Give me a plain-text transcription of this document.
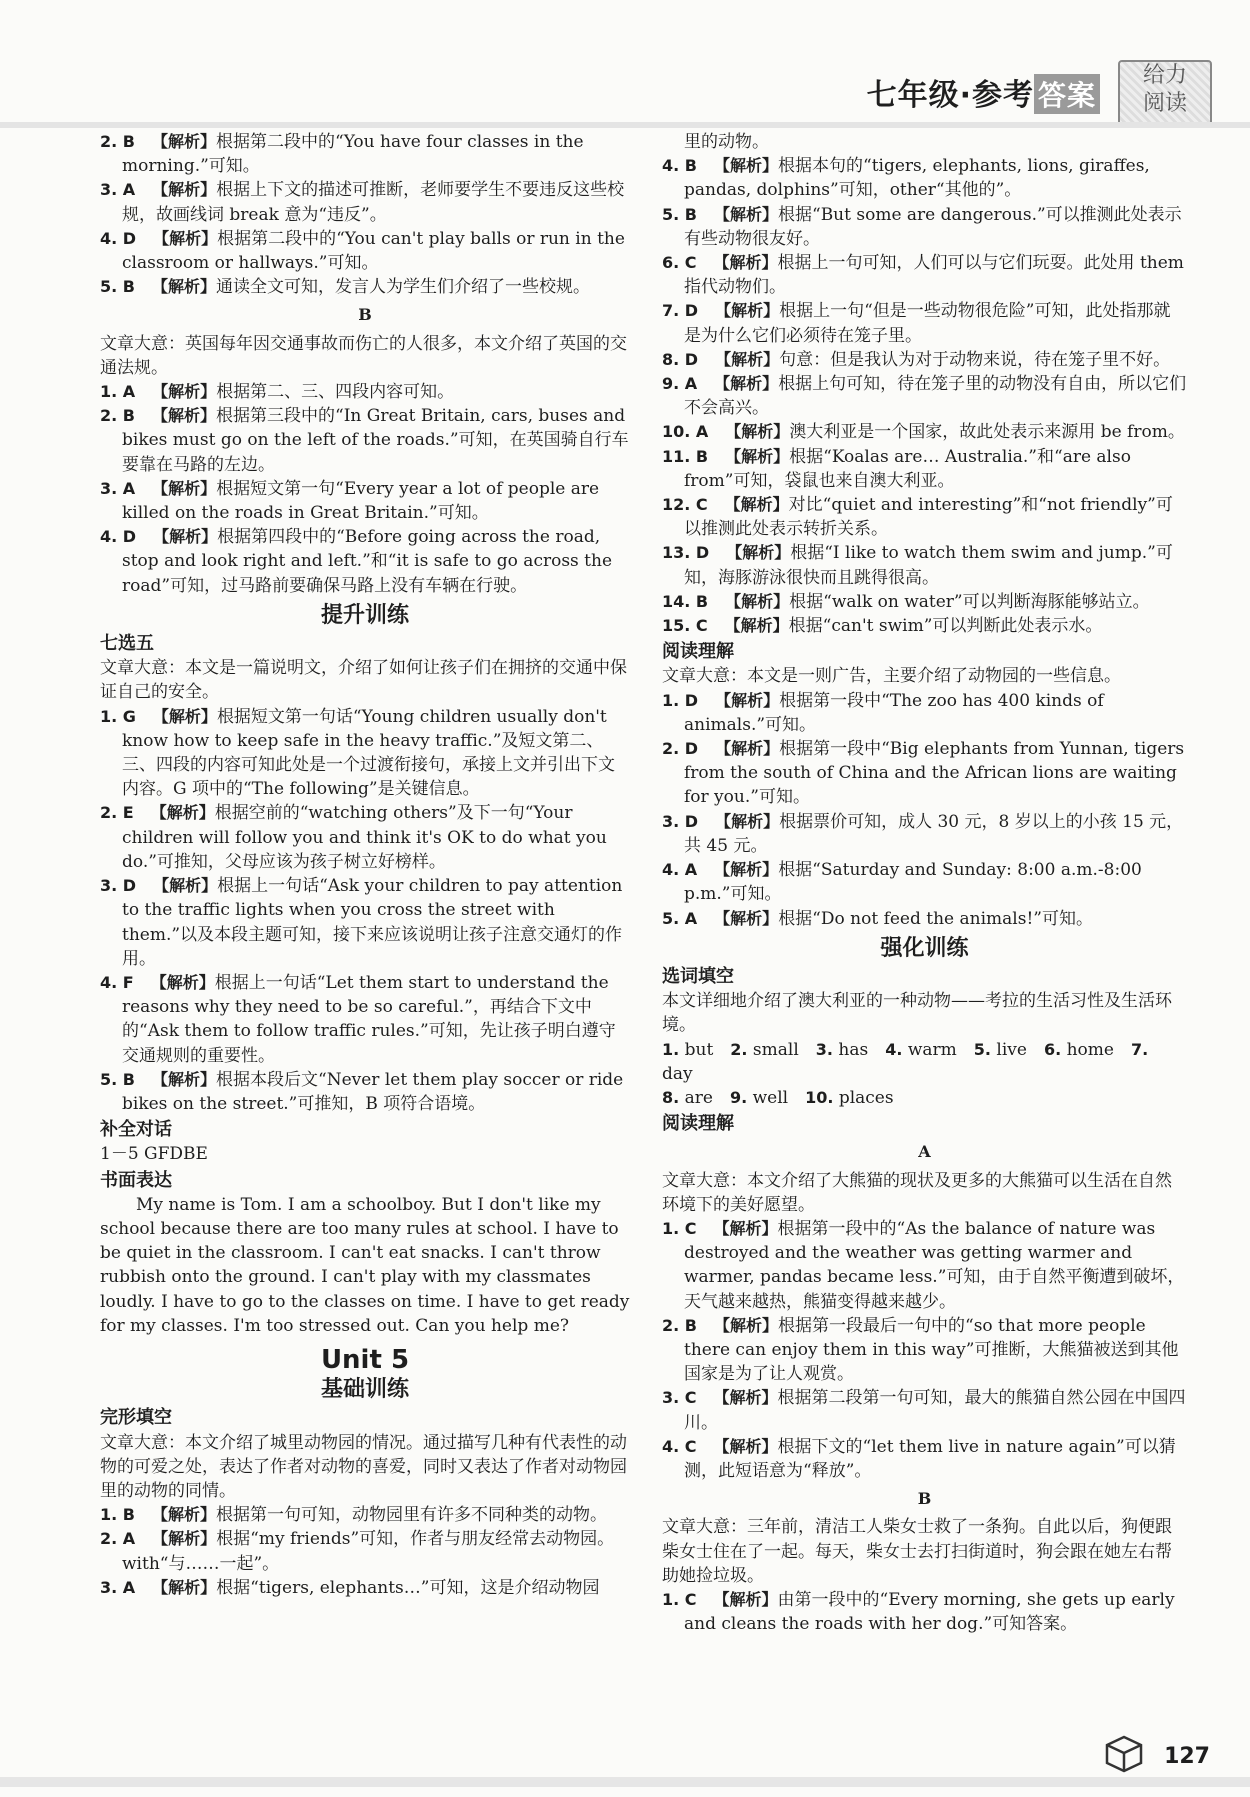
七年级·参考 答案
给力
阅读

2. B  【解析】根据第二段中的“You have four classes in the morning.”可知。

3. A  【解析】根据上下文的描述可推断，老师要学生不要违反这些校规，故画线词 break 意为“违反”。

4. D  【解析】根据第二段中的“You can't play balls or run in the classroom or hallways.”可知。

5. B  【解析】通读全文可知，发言人为学生们介绍了一些校规。

B

文章大意：英国每年因交通事故而伤亡的人很多，本文介绍了英国的交通法规。

1. A  【解析】根据第二、三、四段内容可知。

2. B  【解析】根据第三段中的“In Great Britain, cars, buses and bikes must go on the left of the roads.”可知，在英国骑自行车要靠在马路的左边。

3. A  【解析】根据短文第一句“Every year a lot of people are killed on the roads in Great Britain.”可知。

4. D  【解析】根据第四段中的“Before going across the road, stop and look right and left.”和“it is safe to go across the road”可知，过马路前要确保马路上没有车辆在行驶。

提升训练
七选五

文章大意：本文是一篇说明文，介绍了如何让孩子们在拥挤的交通中保证自己的安全。

1. G  【解析】根据短文第一句话“Young children usually don't know how to keep safe in the heavy traffic.”及短文第二、三、四段的内容可知此处是一个过渡衔接句，承接上文并引出下文内容。G 项中的“The following”是关键信息。

2. E  【解析】根据空前的“watching others”及下一句“Your children will follow you and think it's OK to do what you do.”可推知，父母应该为孩子树立好榜样。

3. D  【解析】根据上一句话“Ask your children to pay attention to the traffic lights when you cross the street with them.”以及本段主题可知，接下来应该说明让孩子注意交通灯的作用。

4. F  【解析】根据上一句话“Let them start to understand the reasons why they need to be so careful.”，再结合下文中的“Ask them to follow traffic rules.”可知，先让孩子明白遵守交通规则的重要性。

5. B  【解析】根据本段后文“Never let them play soccer or ride bikes on the street.”可推知，B 项符合语境。

补全对话

1－5 GFDBE

书面表达

My name is Tom. I am a schoolboy. But I don't like my school because there are too many rules at school. I have to be quiet in the classroom. I can't eat snacks. I can't throw rubbish onto the ground. I can't play with my classmates loudly. I have to go to the classes on time. I have to get ready for my classes. I'm too stressed out. Can you help me?

Unit 5
基础训练
完形填空

文章大意：本文介绍了城里动物园的情况。通过描写几种有代表性的动物的可爱之处，表达了作者对动物的喜爱，同时又表达了作者对动物园里的动物的同情。

1. B  【解析】根据第一句可知，动物园里有许多不同种类的动物。

2. A  【解析】根据“my friends”可知，作者与朋友经常去动物园。with“与……一起”。

3. A  【解析】根据“tigers, elephants…”可知，这是介绍动物园

里的动物。

4. B  【解析】根据本句的“tigers, elephants, lions, giraffes, pandas, dolphins”可知，other“其他的”。

5. B  【解析】根据“But some are dangerous.”可以推测此处表示有些动物很友好。

6. C  【解析】根据上一句可知，人们可以与它们玩耍。此处用 them 指代动物们。

7. D  【解析】根据上一句“但是一些动物很危险”可知，此处指那就是为什么它们必须待在笼子里。

8. D  【解析】句意：但是我认为对于动物来说，待在笼子里不好。

9. A  【解析】根据上句可知，待在笼子里的动物没有自由，所以它们不会高兴。

10. A  【解析】澳大利亚是一个国家，故此处表示来源用 be from。

11. B  【解析】根据“Koalas are… Australia.”和“are also from”可知，袋鼠也来自澳大利亚。

12. C  【解析】对比“quiet and interesting”和“not friendly”可以推测此处表示转折关系。

13. D  【解析】根据“I like to watch them swim and jump.”可知，海豚游泳很快而且跳得很高。

14. B  【解析】根据“walk on water”可以判断海豚能够站立。

15. C  【解析】根据“can't swim”可以判断此处表示水。

阅读理解

文章大意：本文是一则广告，主要介绍了动物园的一些信息。

1. D  【解析】根据第一段中“The zoo has 400 kinds of animals.”可知。

2. D  【解析】根据第一段中“Big elephants from Yunnan, tigers from the south of China and the African lions are waiting for you.”可知。

3. D  【解析】根据票价可知，成人 30 元，8 岁以上的小孩 15 元，共 45 元。

4. A  【解析】根据“Saturday and Sunday: 8:00 a.m.-8:00 p.m.”可知。

5. A  【解析】根据“Do not feed the animals!”可知。

强化训练
选词填空

本文详细地介绍了澳大利亚的一种动物——考拉的生活习性及生活环境。

1. but  2. small  3. has  4. warm  5. live  6. home  7. day 

8. are  9. well  10. places 

阅读理解
A

文章大意：本文介绍了大熊猫的现状及更多的大熊猫可以生活在自然环境下的美好愿望。

1. C  【解析】根据第一段中的“As the balance of nature was destroyed and the weather was getting warmer and warmer, pandas became less.”可知，由于自然平衡遭到破坏，天气越来越热，熊猫变得越来越少。

2. B  【解析】根据第一段最后一句中的“so that more people there can enjoy them in this way”可推断，大熊猫被送到其他国家是为了让人观赏。

3. C  【解析】根据第二段第一句可知，最大的熊猫自然公园在中国四川。

4. C  【解析】根据下文的“let them live in nature again”可以猜测，此短语意为“释放”。

B

文章大意：三年前，清洁工人柴女士救了一条狗。自此以后，狗便跟柴女士住在了一起。每天，柴女士去打扫街道时，狗会跟在她左右帮助她捡垃圾。

1. C  【解析】由第一段中的“Every morning, she gets up early and cleans the roads with her dog.”可知答案。

127
